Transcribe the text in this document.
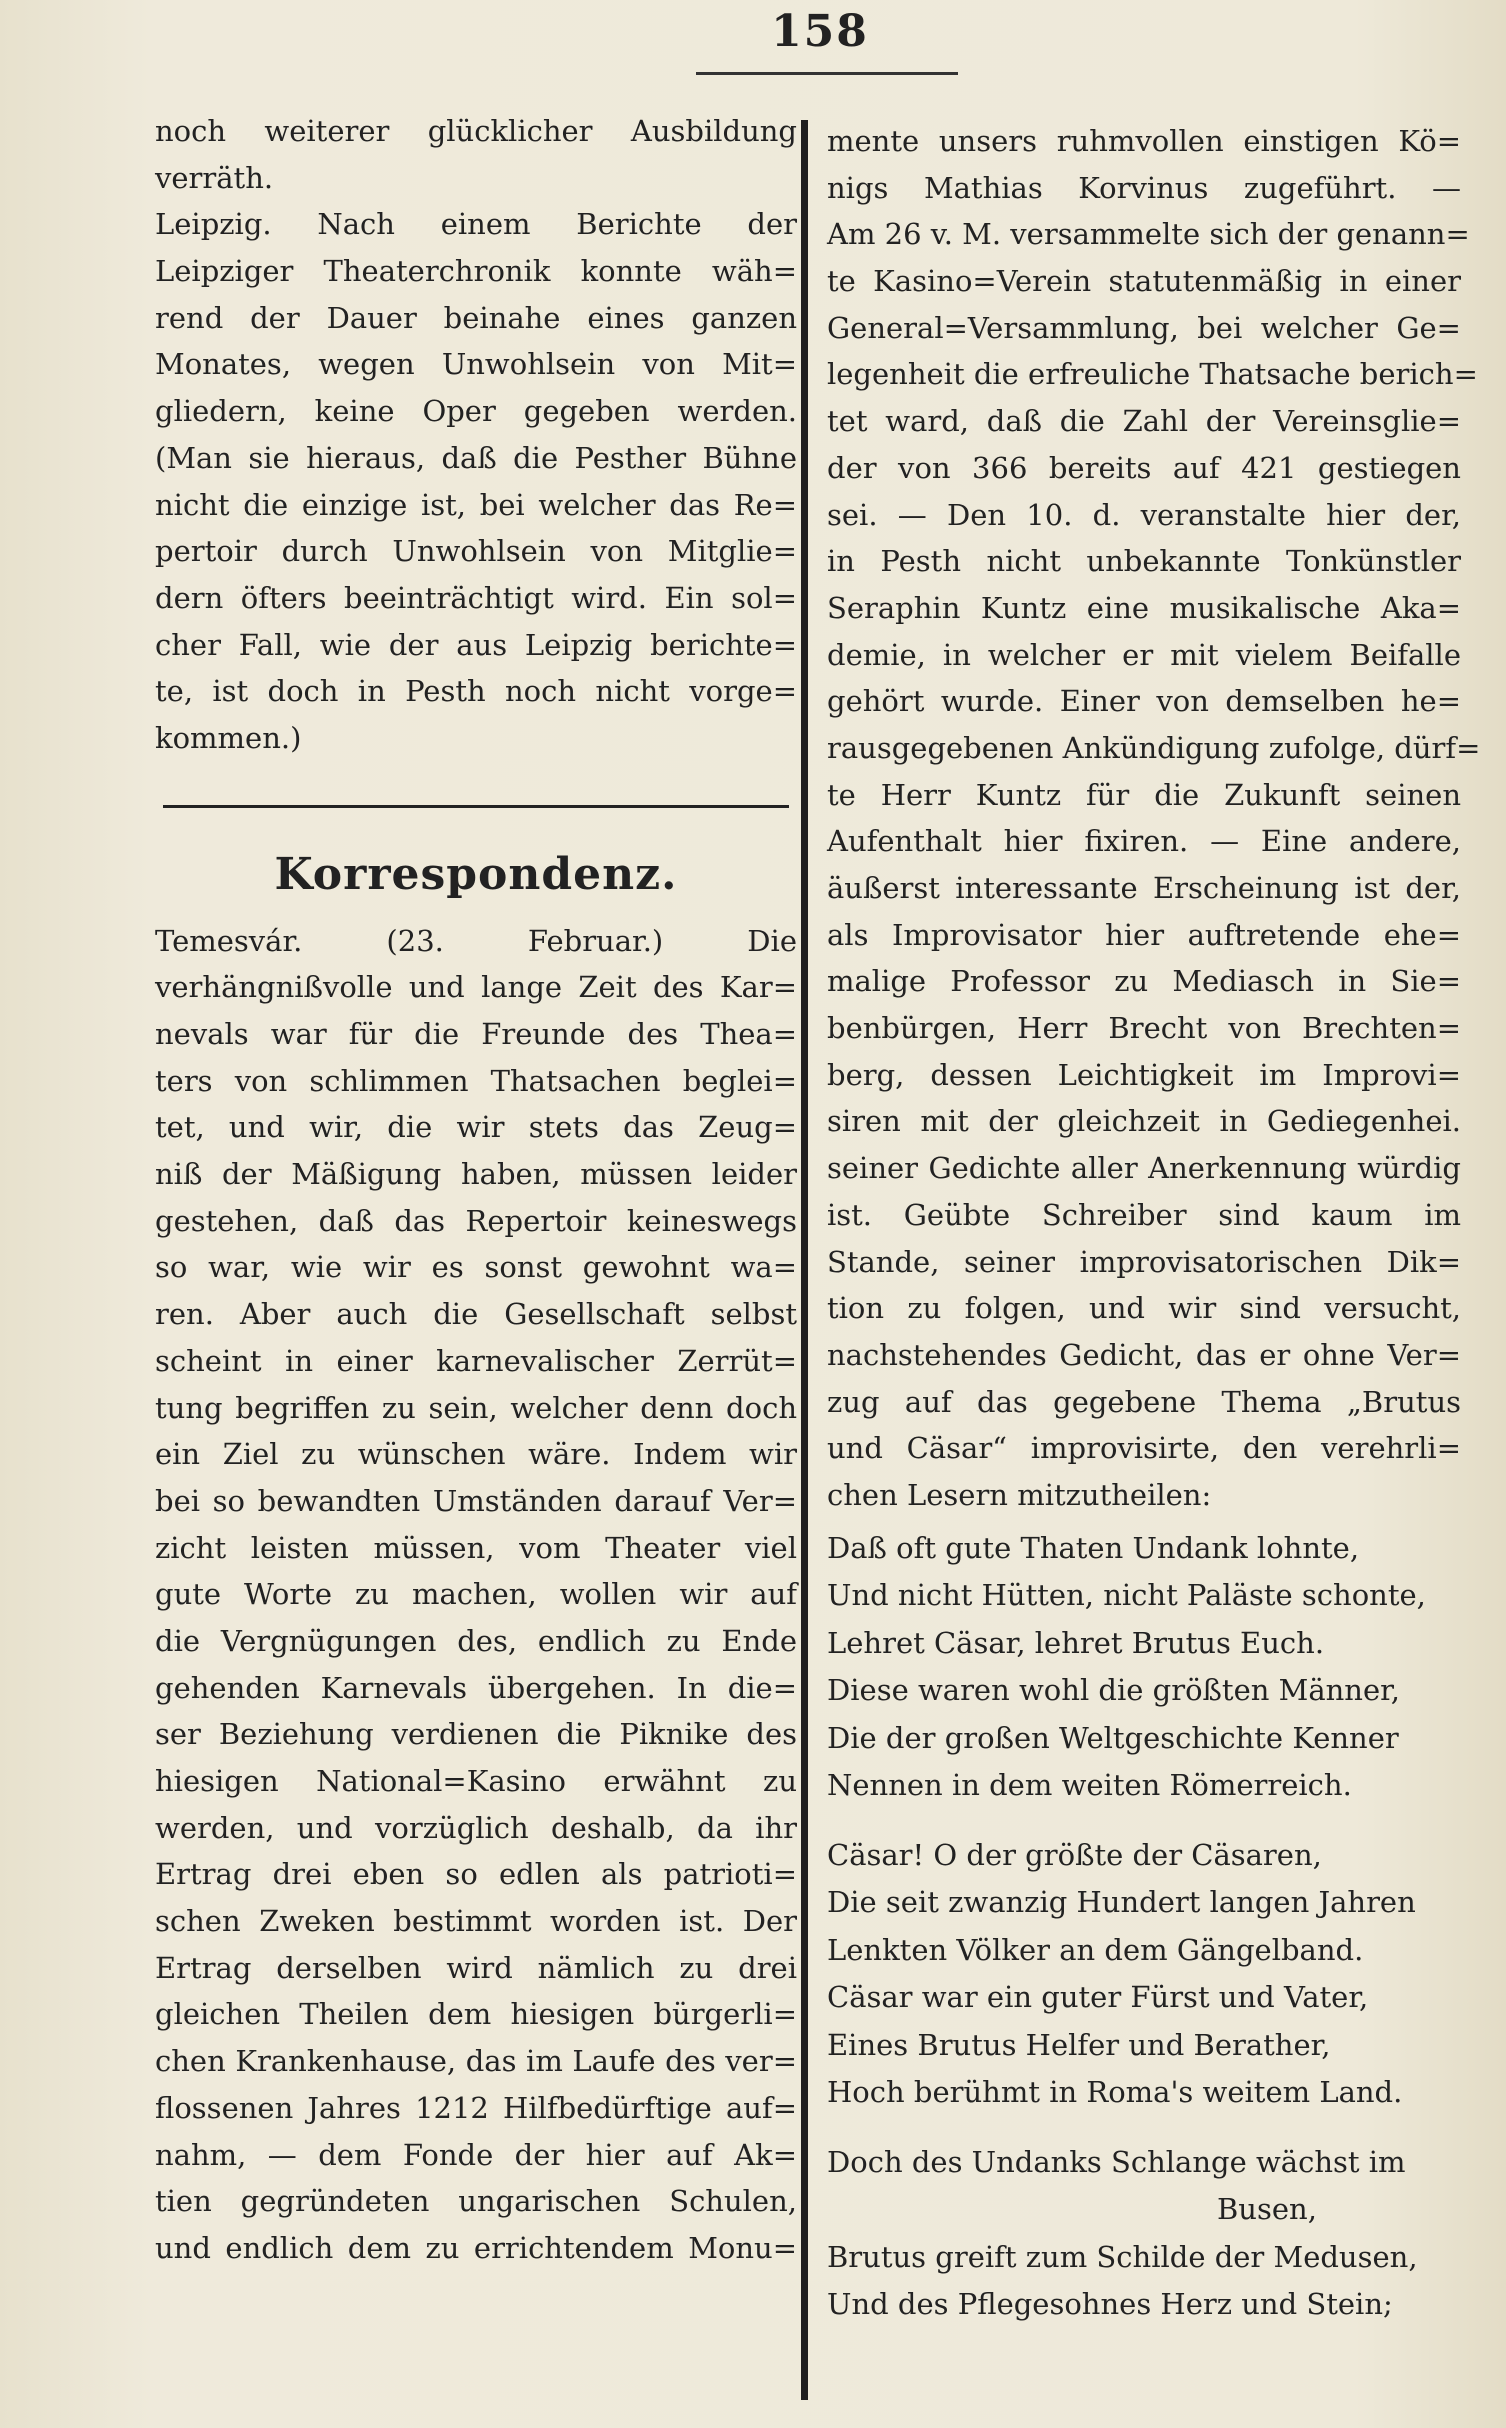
158
noch weiterer glücklicher Ausbildung
verräth.
Leipzig. Nach einem Berichte der
Leipziger Theaterchronik konnte wäh=
rend der Dauer beinahe eines ganzen
Monates, wegen Unwohlsein von Mit=
gliedern, keine Oper gegeben werden.
(Man sie hieraus, daß die Pesther Bühne
nicht die einzige ist, bei welcher das Re=
pertoir durch Unwohlsein von Mitglie=
dern öfters beeinträchtigt wird. Ein sol=
cher Fall, wie der aus Leipzig berichte=
te, ist doch in Pesth noch nicht vorge=
kommen.)
Korrespondenz.
Temesvár. (23. Februar.) Die
verhängnißvolle und lange Zeit des Kar=
nevals war für die Freunde des Thea=
ters von schlimmen Thatsachen beglei=
tet, und wir, die wir stets das Zeug=
niß der Mäßigung haben, müssen leider
gestehen, daß das Repertoir keineswegs
so war, wie wir es sonst gewohnt wa=
ren. Aber auch die Gesellschaft selbst
scheint in einer karnevalischer Zerrüt=
tung begriffen zu sein, welcher denn doch
ein Ziel zu wünschen wäre. Indem wir
bei so bewandten Umständen darauf Ver=
zicht leisten müssen, vom Theater viel
gute Worte zu machen, wollen wir auf
die Vergnügungen des, endlich zu Ende
gehenden Karnevals übergehen. In die=
ser Beziehung verdienen die Piknike des
hiesigen National=Kasino erwähnt zu
werden, und vorzüglich deshalb, da ihr
Ertrag drei eben so edlen als patrioti=
schen Zweken bestimmt worden ist. Der
Ertrag derselben wird nämlich zu drei
gleichen Theilen dem hiesigen bürgerli=
chen Krankenhause, das im Laufe des ver=
flossenen Jahres 1212 Hilfbedürftige auf=
nahm, — dem Fonde der hier auf Ak=
tien gegründeten ungarischen Schulen,
und endlich dem zu errichtendem Monu=
mente unsers ruhmvollen einstigen Kö=
nigs Mathias Korvinus zugeführt. —
Am 26 v. M. versammelte sich der genann=
te Kasino=Verein statutenmäßig in einer
General=Versammlung, bei welcher Ge=
legenheit die erfreuliche Thatsache berich=
tet ward, daß die Zahl der Vereinsglie=
der von 366 bereits auf 421 gestiegen
sei. — Den 10. d. veranstalte hier der,
in Pesth nicht unbekannte Tonkünstler
Seraphin Kuntz eine musikalische Aka=
demie, in welcher er mit vielem Beifalle
gehört wurde. Einer von demselben he=
rausgegebenen Ankündigung zufolge, dürf=
te Herr Kuntz für die Zukunft seinen
Aufenthalt hier fixiren. — Eine andere,
äußerst interessante Erscheinung ist der,
als Improvisator hier auftretende ehe=
malige Professor zu Mediasch in Sie=
benbürgen, Herr Brecht von Brechten=
berg, dessen Leichtigkeit im Improvi=
siren mit der gleichzeit in Gediegenhei.
seiner Gedichte aller Anerkennung würdig
ist. Geübte Schreiber sind kaum im
Stande, seiner improvisatorischen Dik=
tion zu folgen, und wir sind versucht,
nachstehendes Gedicht, das er ohne Ver=
zug auf das gegebene Thema „Brutus
und Cäsar“ improvisirte, den verehrli=
chen Lesern mitzutheilen:
Daß oft gute Thaten Undank lohnte,
Und nicht Hütten, nicht Paläste schonte,
Lehret Cäsar, lehret Brutus Euch.
Diese waren wohl die größten Männer,
Die der großen Weltgeschichte Kenner
Nennen in dem weiten Römerreich.
Cäsar! O der größte der Cäsaren,
Die seit zwanzig Hundert langen Jahren
Lenkten Völker an dem Gängelband.
Cäsar war ein guter Fürst und Vater,
Eines Brutus Helfer und Berather,
Hoch berühmt in Roma's weitem Land.
Doch des Undanks Schlange wächst im
Busen,
Brutus greift zum Schilde der Medusen,
Und des Pflegesohnes Herz und Stein;
